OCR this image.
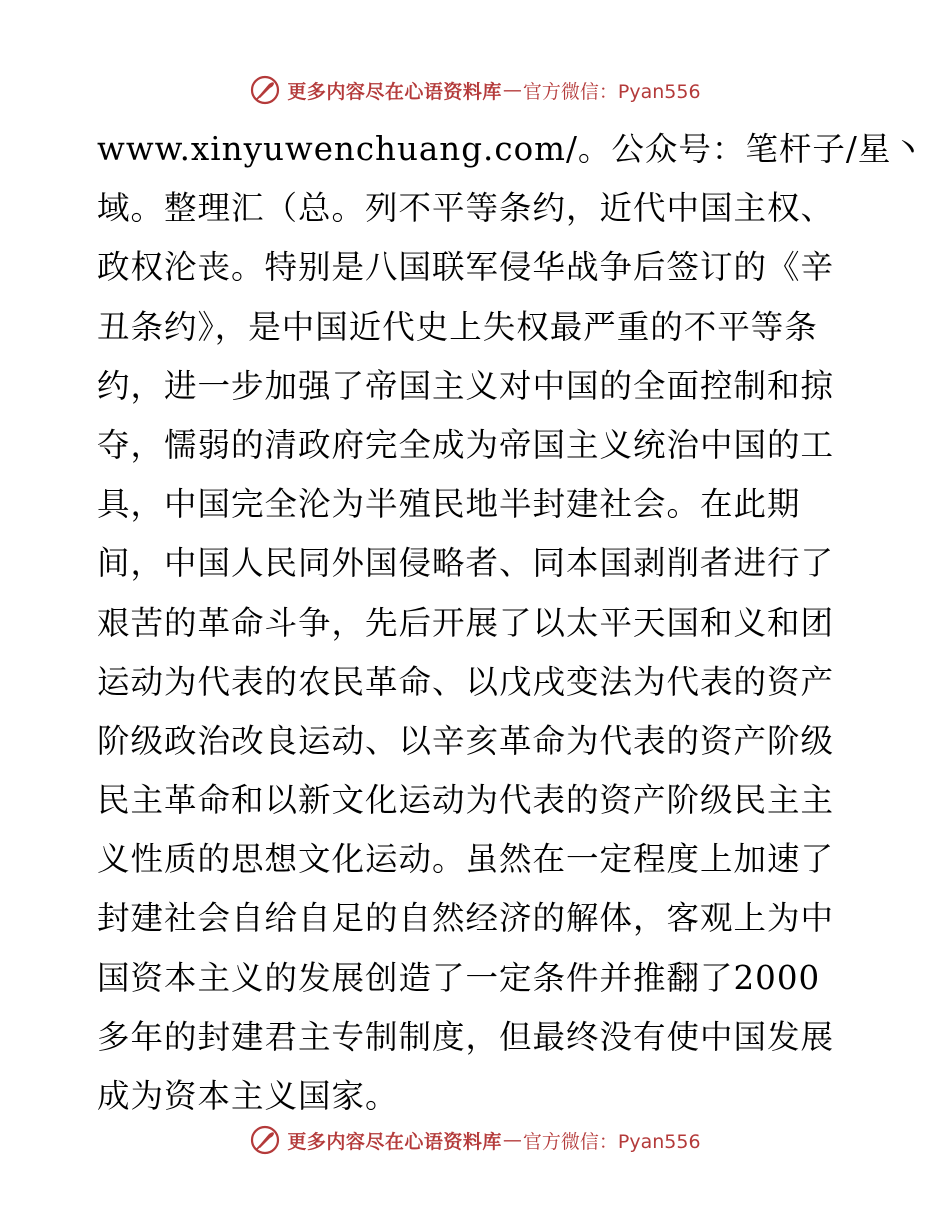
更多内容尽在心语资料库 — 官方微信：Pyan556
www.xinyuwenchuang.com/。公众号：笔杆子/星丶
域。整理汇（总。列不平等条约，近代中国主权、
政权沦丧。特别是八国联军侵华战争后签订的《辛
丑条约》，是中国近代史上失权最严重的不平等条
约，进一步加强了帝国主义对中国的全面控制和掠
夺，懦弱的清政府完全成为帝国主义统治中国的工
具，中国完全沦为半殖民地半封建社会。在此期
间，中国人民同外国侵略者、同本国剥削者进行了
艰苦的革命斗争，先后开展了以太平天国和义和团
运动为代表的农民革命、以戊戌变法为代表的资产
阶级政治改良运动、以辛亥革命为代表的资产阶级
民主革命和以新文化运动为代表的资产阶级民主主
义性质的思想文化运动。虽然在一定程度上加速了
封建社会自给自足的自然经济的解体，客观上为中
国资本主义的发展创造了一定条件并推翻了2000
多年的封建君主专制制度，但最终没有使中国发展
成为资本主义国家。
更多内容尽在心语资料库 — 官方微信：Pyan556
